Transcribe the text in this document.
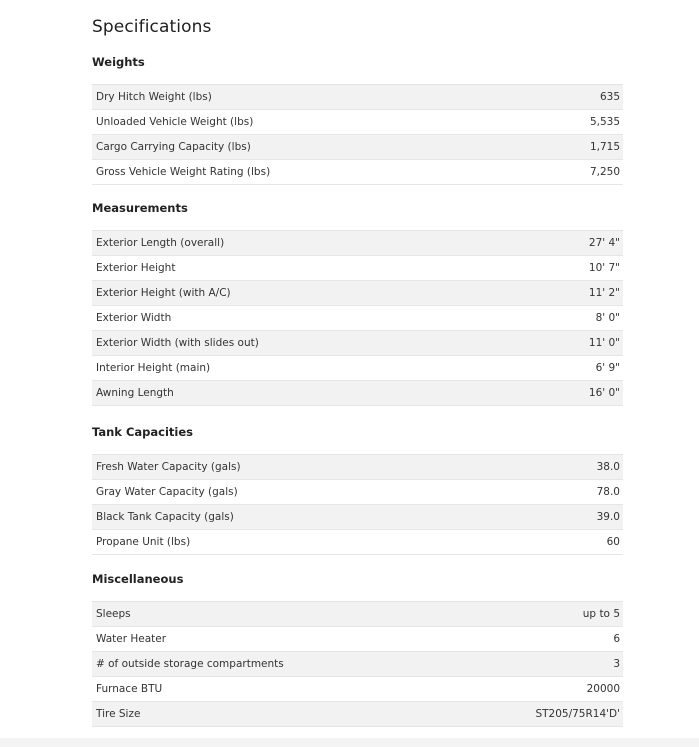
Specifications
Weights
Dry Hitch Weight (lbs)	635
Unloaded Vehicle Weight (lbs)	5,535
Cargo Carrying Capacity (lbs)	1,715
Gross Vehicle Weight Rating (lbs)	7,250
Measurements
Exterior Length (overall)	27' 4"
Exterior Height	10' 7"
Exterior Height (with A/C)	11' 2"
Exterior Width	8' 0"
Exterior Width (with slides out)	11' 0"
Interior Height (main)	6' 9"
Awning Length	16' 0"
Tank Capacities
Fresh Water Capacity (gals)	38.0
Gray Water Capacity (gals)	78.0
Black Tank Capacity (gals)	39.0
Propane Unit (lbs)	60
Miscellaneous
Sleeps	up to 5
Water Heater	6
# of outside storage compartments	3
Furnace BTU	20000
Tire Size	ST205/75R14'D'
